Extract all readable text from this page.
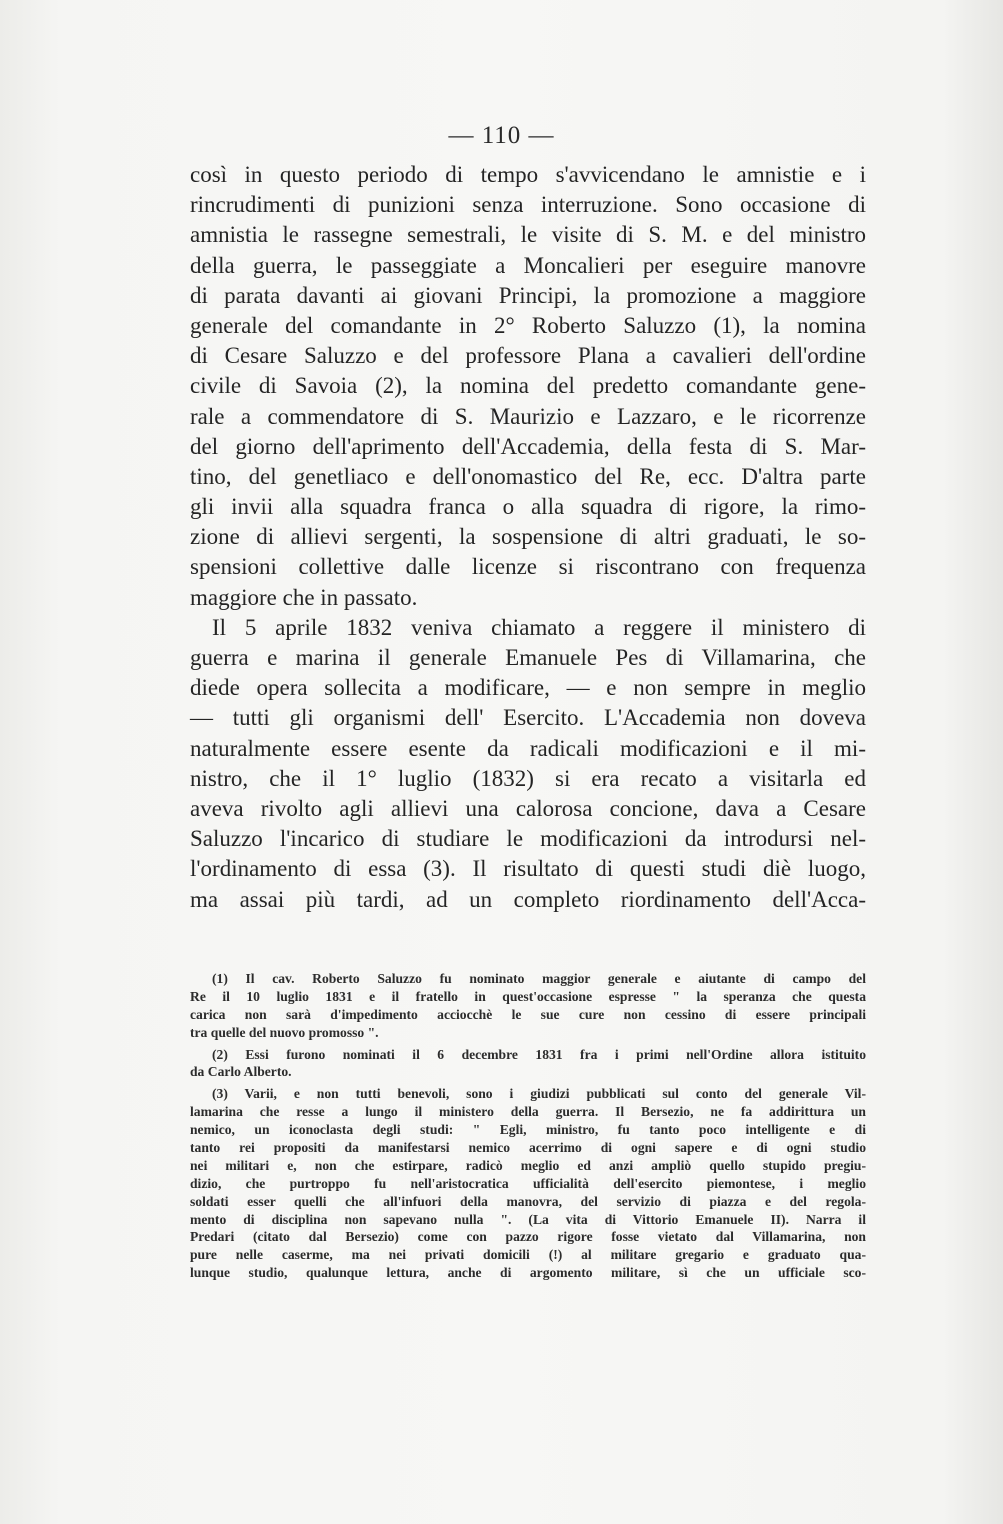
— 110 —
così in questo periodo di tempo s'avvicendano le amnistie e i
rincrudimenti di punizioni senza interruzione. Sono occasione di
amnistia le rassegne semestrali, le visite di S. M. e del ministro
della guerra, le passeggiate a Moncalieri per eseguire manovre
di parata davanti ai giovani Principi, la promozione a maggiore
generale del comandante in 2° Roberto Saluzzo (1), la nomina
di Cesare Saluzzo e del professore Plana a cavalieri dell'ordine
civile di Savoia (2), la nomina del predetto comandante gene-
rale a commendatore di S. Maurizio e Lazzaro, e le ricorrenze
del giorno dell'aprimento dell'Accademia, della festa di S. Mar-
tino, del genetliaco e dell'onomastico del Re, ecc. D'altra parte
gli invii alla squadra franca o alla squadra di rigore, la rimo-
zione di allievi sergenti, la sospensione di altri graduati, le so-
spensioni collettive dalle licenze si riscontrano con frequenza
maggiore che in passato.
Il 5 aprile 1832 veniva chiamato a reggere il ministero di
guerra e marina il generale Emanuele Pes di Villamarina, che
diede opera sollecita a modificare, — e non sempre in meglio
— tutti gli organismi dell' Esercito. L'Accademia non doveva
naturalmente essere esente da radicali modificazioni e il mi-
nistro, che il 1° luglio (1832) si era recato a visitarla ed
aveva rivolto agli allievi una calorosa concione, dava a Cesare
Saluzzo l'incarico di studiare le modificazioni da introdursi nel-
l'ordinamento di essa (3). Il risultato di questi studi diè luogo,
ma assai più tardi, ad un completo riordinamento dell'Acca-
(1) Il cav. Roberto Saluzzo fu nominato maggior generale e aiutante di campo del
Re il 10 luglio 1831 e il fratello in quest'occasione espresse " la speranza che questa
carica non sarà d'impedimento acciocchè le sue cure non cessino di essere principali
tra quelle del nuovo promosso ".
(2) Essi furono nominati il 6 decembre 1831 fra i primi nell'Ordine allora istituito
da Carlo Alberto.
(3) Varii, e non tutti benevoli, sono i giudizi pubblicati sul conto del generale Vil-
lamarina che resse a lungo il ministero della guerra. Il Bersezio, ne fa addirittura un
nemico, un iconoclasta degli studi: " Egli, ministro, fu tanto poco intelligente e di
tanto rei propositi da manifestarsi nemico acerrimo di ogni sapere e di ogni studio
nei militari e, non che estirpare, radicò meglio ed anzi ampliò quello stupido pregiu-
dizio, che purtroppo fu nell'aristocratica ufficialità dell'esercito piemontese, i meglio
soldati esser quelli che all'infuori della manovra, del servizio di piazza e del regola-
mento di disciplina non sapevano nulla ". (La vita di Vittorio Emanuele II). Narra il
Predari (citato dal Bersezio) come con pazzo rigore fosse vietato dal Villamarina, non
pure nelle caserme, ma nei privati domicili (!) al militare gregario e graduato qua-
lunque studio, qualunque lettura, anche di argomento militare, sì che un ufficiale sco-
